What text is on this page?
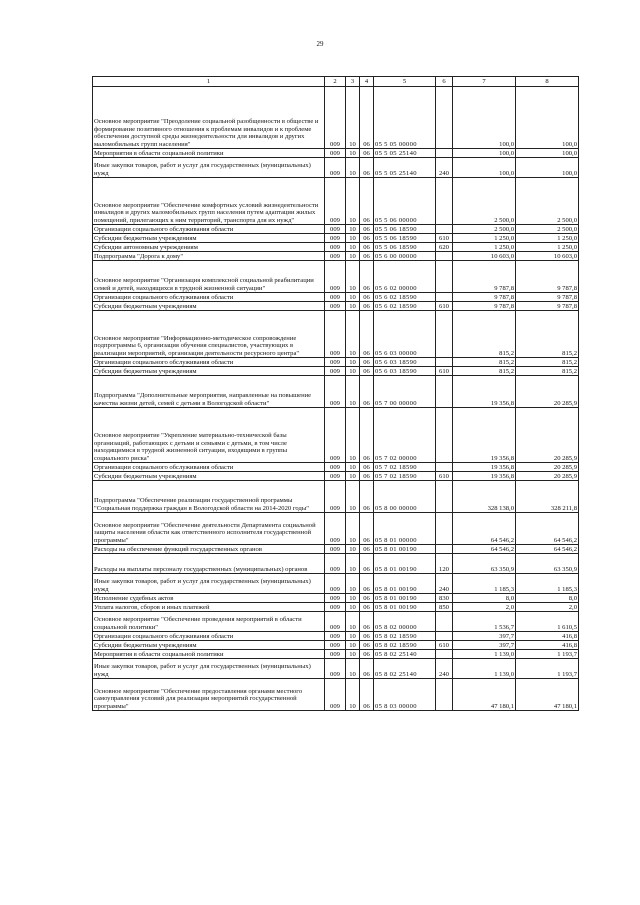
29
1	2	3	4	5	6	7	8
Основное мероприятие "Преодоление социальной разобщенности в обществе и формирование позитивного отношения к проблемам инвалидов и к проблеме обеспечения доступной среды жизнедеятельности для инвалидов и других маломобильных групп населения"	009	10	06	05 5 05 00000		100,0	100,0
Мероприятия в области социальной политики	009	10	06	05 5 05 25140		100,0	100,0
Иные закупки товаров, работ и услуг для государственных (муниципальных) нужд	009	10	06	05 5 05 25140	240	100,0	100,0
Основное мероприятие "Обеспечение комфортных условий жизнедеятельности инвалидов и других маломобильных групп населения путем адаптации жилых помещений, прилегающих к ним территорий, транспорта для их нужд"	009	10	06	05 5 06 00000		2 500,0	2 500,0
Организации социального обслуживания области	009	10	06	05 5 06 18590		2 500,0	2 500,0
Субсидии бюджетным учреждениям	009	10	06	05 5 06 18590	610	1 250,0	1 250,0
Субсидии автономным учреждениям	009	10	06	05 5 06 18590	620	1 250,0	1 250,0
Подпрограмма "Дорога к дому"	009	10	06	05 6 00 00000		10 603,0	10 603,0
Основное мероприятие "Организация комплексной социальной реабилитации семей и детей, находящихся в трудной жизненной ситуации"	009	10	06	05 6 02 00000		9 787,8	9 787,8
Организации социального обслуживания области	009	10	06	05 6 02 18590		9 787,8	9 787,8
Субсидии бюджетным учреждениям	009	10	06	05 6 02 18590	610	9 787,8	9 787,8
Основное мероприятие "Информационно-методическое сопровождение подпрограммы 6, организация обучения специалистов, участвующих в реализации мероприятий, организация деятельности ресурсного центра"	009	10	06	05 6 03 00000		815,2	815,2
Организации социального обслуживания области	009	10	06	05 6 03 18590		815,2	815,2
Субсидии бюджетным учреждениям	009	10	06	05 6 03 18590	610	815,2	815,2
Подпрограмма "Дополнительные мероприятия, направленные на повышение качества жизни детей, семей с детьми в Вологодской области"	009	10	06	05 7 00 00000		19 356,8	20 285,9
Основное мероприятие "Укрепление материально-технической базы организаций, работающих с детьми и семьями с детьми, в том числе находящимися в трудной жизненной ситуации, входящими в группы социального риска"	009	10	06	05 7 02 00000		19 356,8	20 285,9
Организации социального обслуживания области	009	10	06	05 7 02 18590		19 356,8	20 285,9
Субсидии бюджетным учреждениям	009	10	06	05 7 02 18590	610	19 356,8	20 285,9
Подпрограмма "Обеспечение реализации государственной программы "Социальная поддержка граждан в Вологодской области на 2014-2020 годы"	009	10	06	05 8 00 00000		328 138,0	328 211,8
Основное мероприятие "Обеспечение деятельности Департамента социальной защиты населения области как ответственного исполнителя государственной программы"	009	10	06	05 8 01 00000		64 546,2	64 546,2
Расходы на обеспечение функций государственных органов	009	10	06	05 8 01 00190		64 546,2	64 546,2
Расходы на выплаты персоналу государственных (муниципальных) органов	009	10	06	05 8 01 00190	120	63 350,9	63 350,9
Иные закупки товаров, работ и услуг для государственных (муниципальных) нужд	009	10	06	05 8 01 00190	240	1 185,3	1 185,3
Исполнение судебных актов	009	10	06	05 8 01 00190	830	8,0	8,0
Уплата налогов, сборов и иных платежей	009	10	06	05 8 01 00190	850	2,0	2,0
Основное мероприятие "Обеспечение проведения мероприятий в области социальной политики"	009	10	06	05 8 02 00000		1 536,7	1 610,5
Организации социального обслуживания области	009	10	06	05 8 02 18590		397,7	416,8
Субсидии бюджетным учреждениям	009	10	06	05 8 02 18590	610	397,7	416,8
Мероприятия в области социальной политики	009	10	06	05 8 02 25140		1 139,0	1 193,7
Иные закупки товаров, работ и услуг для государственных (муниципальных) нужд	009	10	06	05 8 02 25140	240	1 139,0	1 193,7
Основное мероприятие "Обеспечение предоставления органами местного самоуправления условий для реализации мероприятий государственной программы"	009	10	06	05 8 03 00000		47 180,1	47 180,1
